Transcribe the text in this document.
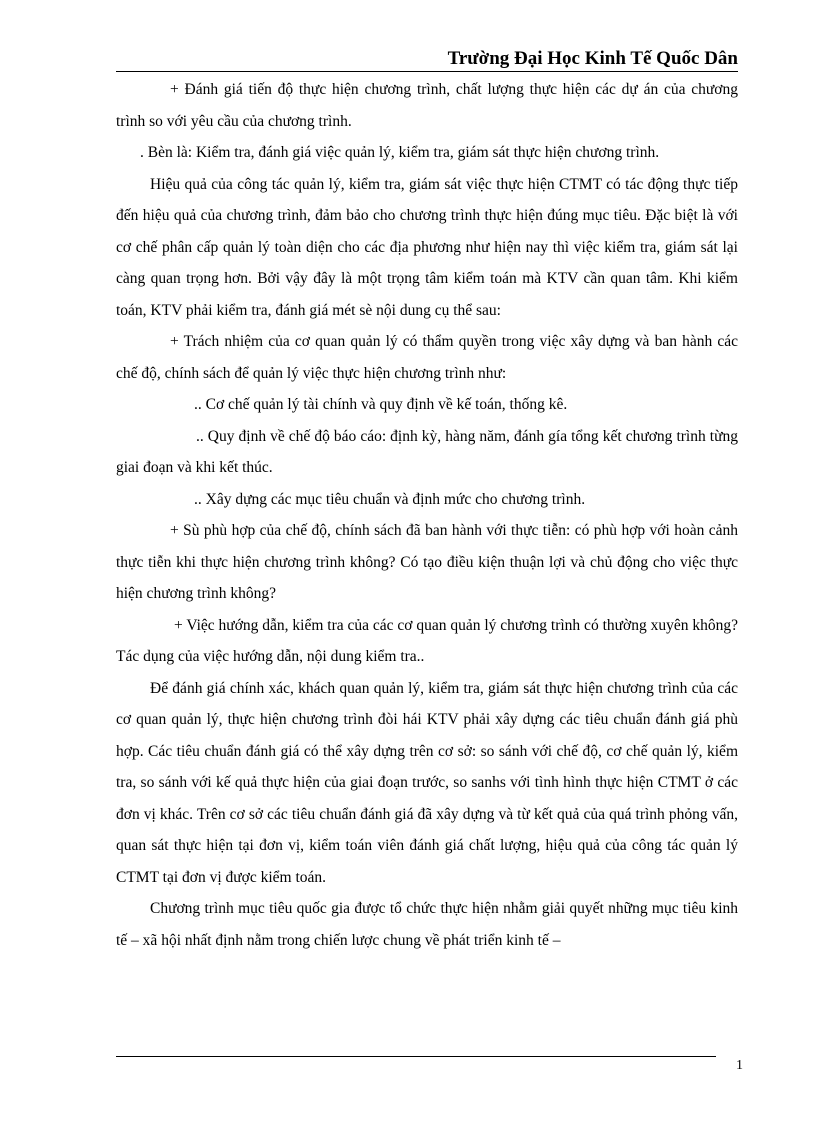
Trường Đại Học Kinh Tế Quốc Dân

+ Đánh giá tiến độ thực hiện chương trình, chất lượng thực hiện các dự án của chương trình so với yêu cầu của chương trình.

. Bèn là: Kiểm tra, đánh giá việc quản lý, kiểm tra, giám sát thực hiện chương trình.

Hiệu quả của công tác quản lý, kiểm tra, giám sát việc thực hiện CTMT có tác động thực tiếp đến hiệu quả của chương trình, đảm bảo cho chương trình thực hiện đúng mục tiêu. Đặc biệt là với cơ chế phân cấp quản lý toàn diện cho các địa phương như hiện nay thì việc kiểm tra, giám sát lại càng quan trọng hơn. Bởi vậy đây là một trọng tâm kiểm toán mà KTV cần quan tâm. Khi kiểm toán, KTV phải kiểm tra, đánh giá mét sè nội dung cụ thể sau:

+ Trách nhiệm của cơ quan quản lý có thẩm quyền trong việc xây dựng và ban hành các chế độ, chính sách để quản lý việc thực hiện chương trình như:

.. Cơ chế quản lý tài chính và quy định về kế toán, thống kê.

.. Quy định về chế độ báo cáo: định kỳ, hàng năm, đánh gía tổng kết chương trình từng giai đoạn và khi kết thúc.

.. Xây dựng các mục tiêu chuẩn và định mức cho chương trình.

+ Sù phù hợp của chế độ, chính sách đã ban hành với thực tiễn: có phù hợp với hoàn cảnh thực tiễn khi thực hiện chương trình không? Có tạo điều kiện thuận lợi và chủ động cho việc thực hiện chương trình không?

+ Việc hướng dẫn, kiểm tra của các cơ quan quản lý chương trình có thường xuyên không? Tác dụng của việc hướng dẫn, nội dung kiểm tra..

Để đánh giá chính xác, khách quan quản lý, kiểm tra, giám sát thực hiện chương trình của các cơ quan quản lý, thực hiện chương trình đòi hái KTV phải xây dựng các tiêu chuẩn đánh giá phù hợp. Các tiêu chuẩn đánh giá có thể xây dựng trên cơ sở: so sánh với chế độ, cơ chế quản lý, kiểm tra, so sánh với kế quả thực hiện của giai đoạn trước, so sanhs với tình hình thực hiện CTMT ở các đơn vị khác. Trên cơ sở các tiêu chuẩn đánh giá đã xây dựng và từ kết quả của quá trình phỏng vấn, quan sát thực hiện tại đơn vị, kiểm toán viên đánh giá chất lượng, hiệu quả của công tác quản lý CTMT tại đơn vị được kiểm toán.

Chương trình mục tiêu quốc gia được tổ chức thực hiện nhằm giải quyết những mục tiêu kinh tế – xã hội nhất định nằm trong chiến lược chung về phát triển kinh tế –

1
